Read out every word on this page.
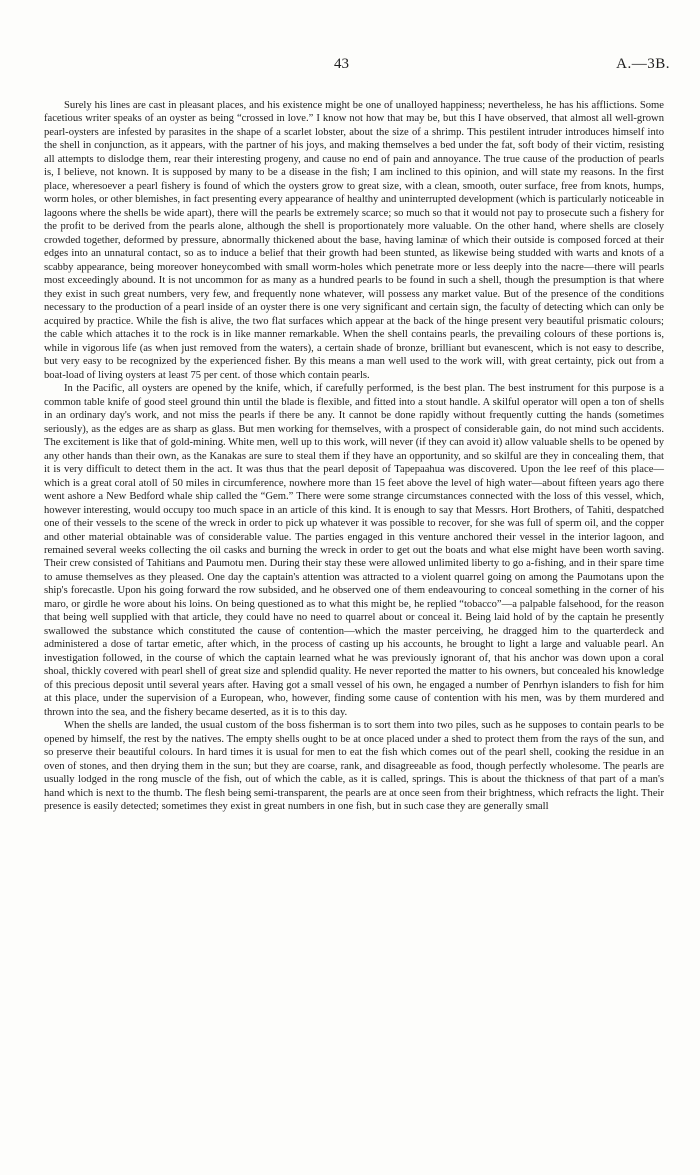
43	A.—3B.

Surely his lines are cast in pleasant places, and his existence might be one of unalloyed happiness; nevertheless, he has his afflictions. Some facetious writer speaks of an oyster as being “crossed in love.” I know not how that may be, but this I have observed, that almost all well-grown pearl-oysters are infested by parasites in the shape of a scarlet lobster, about the size of a shrimp. This pestilent intruder introduces himself into the shell in conjunction, as it appears, with the partner of his joys, and making themselves a bed under the fat, soft body of their victim, resisting all attempts to dislodge them, rear their interesting progeny, and cause no end of pain and annoyance. The true cause of the production of pearls is, I believe, not known. It is supposed by many to be a disease in the fish; I am inclined to this opinion, and will state my reasons. In the first place, wheresoever a pearl fishery is found of which the oysters grow to great size, with a clean, smooth, outer surface, free from knots, humps, worm holes, or other blemishes, in fact presenting every appearance of healthy and uninterrupted development (which is particularly noticeable in lagoons where the shells be wide apart), there will the pearls be extremely scarce; so much so that it would not pay to prosecute such a fishery for the profit to be derived from the pearls alone, although the shell is proportionately more valuable. On the other hand, where shells are closely crowded together, deformed by pressure, abnormally thickened about the base, having laminæ of which their outside is composed forced at their edges into an unnatural contact, so as to induce a belief that their growth had been stunted, as likewise being studded with warts and knots of a scabby appearance, being moreover honeycombed with small worm-holes which penetrate more or less deeply into the nacre—there will pearls most exceedingly abound. It is not uncommon for as many as a hundred pearls to be found in such a shell, though the presumption is that where they exist in such great numbers, very few, and frequently none whatever, will possess any market value. But of the presence of the conditions necessary to the production of a pearl inside of an oyster there is one very significant and certain sign, the faculty of detecting which can only be acquired by practice. While the fish is alive, the two flat surfaces which appear at the back of the hinge present very beautiful prismatic colours; the cable which attaches it to the rock is in like manner remarkable. When the shell contains pearls, the prevailing colours of these portions is, while in vigorous life (as when just removed from the waters), a certain shade of bronze, brilliant but evanescent, which is not easy to describe, but very easy to be recognized by the experienced fisher. By this means a man well used to the work will, with great certainty, pick out from a boat-load of living oysters at least 75 per cent. of those which contain pearls.

In the Pacific, all oysters are opened by the knife, which, if carefully performed, is the best plan. The best instrument for this purpose is a common table knife of good steel ground thin until the blade is flexible, and fitted into a stout handle. A skilful operator will open a ton of shells in an ordinary day's work, and not miss the pearls if there be any. It cannot be done rapidly without frequently cutting the hands (sometimes seriously), as the edges are as sharp as glass. But men working for themselves, with a prospect of considerable gain, do not mind such accidents. The excitement is like that of gold-mining. White men, well up to this work, will never (if they can avoid it) allow valuable shells to be opened by any other hands than their own, as the Kanakas are sure to steal them if they have an opportunity, and so skilful are they in concealing them, that it is very difficult to detect them in the act. It was thus that the pearl deposit of Tapepaahua was discovered. Upon the lee reef of this place—which is a great coral atoll of 50 miles in circumference, nowhere more than 15 feet above the level of high water—about fifteen years ago there went ashore a New Bedford whale ship called the “Gem.” There were some strange circumstances connected with the loss of this vessel, which, however interesting, would occupy too much space in an article of this kind. It is enough to say that Messrs. Hort Brothers, of Tahiti, despatched one of their vessels to the scene of the wreck in order to pick up whatever it was possible to recover, for she was full of sperm oil, and the copper and other material obtainable was of considerable value. The parties engaged in this venture anchored their vessel in the interior lagoon, and remained several weeks collecting the oil casks and burning the wreck in order to get out the boats and what else might have been worth saving. Their crew consisted of Tahitians and Paumotu men. During their stay these were allowed unlimited liberty to go a-fishing, and in their spare time to amuse themselves as they pleased. One day the captain's attention was attracted to a violent quarrel going on among the Paumotans upon the ship's forecastle. Upon his going forward the row subsided, and he observed one of them endeavouring to conceal something in the corner of his maro, or girdle he wore about his loins. On being questioned as to what this might be, he replied “tobacco”—a palpable falsehood, for the reason that being well supplied with that article, they could have no need to quarrel about or conceal it. Being laid hold of by the captain he presently swallowed the substance which constituted the cause of contention—which the master perceiving, he dragged him to the quarterdeck and administered a dose of tartar emetic, after which, in the process of casting up his accounts, he brought to light a large and valuable pearl. An investigation followed, in the course of which the captain learned what he was previously ignorant of, that his anchor was down upon a coral shoal, thickly covered with pearl shell of great size and splendid quality. He never reported the matter to his owners, but concealed his knowledge of this precious deposit until several years after. Having got a small vessel of his own, he engaged a number of Penrhyn islanders to fish for him at this place, under the supervision of a European, who, however, finding some cause of contention with his men, was by them murdered and thrown into the sea, and the fishery became deserted, as it is to this day.

When the shells are landed, the usual custom of the boss fisherman is to sort them into two piles, such as he supposes to contain pearls to be opened by himself, the rest by the natives. The empty shells ought to be at once placed under a shed to protect them from the rays of the sun, and so preserve their beautiful colours. In hard times it is usual for men to eat the fish which comes out of the pearl shell, cooking the residue in an oven of stones, and then drying them in the sun; but they are coarse, rank, and disagreeable as food, though perfectly wholesome. The pearls are usually lodged in the rong muscle of the fish, out of which the cable, as it is called, springs. This is about the thickness of that part of a man's hand which is next to the thumb. The flesh being semi-transparent, the pearls are at once seen from their brightness, which refracts the light. Their presence is easily detected; sometimes they exist in great numbers in one fish, but in such case they are generally small
